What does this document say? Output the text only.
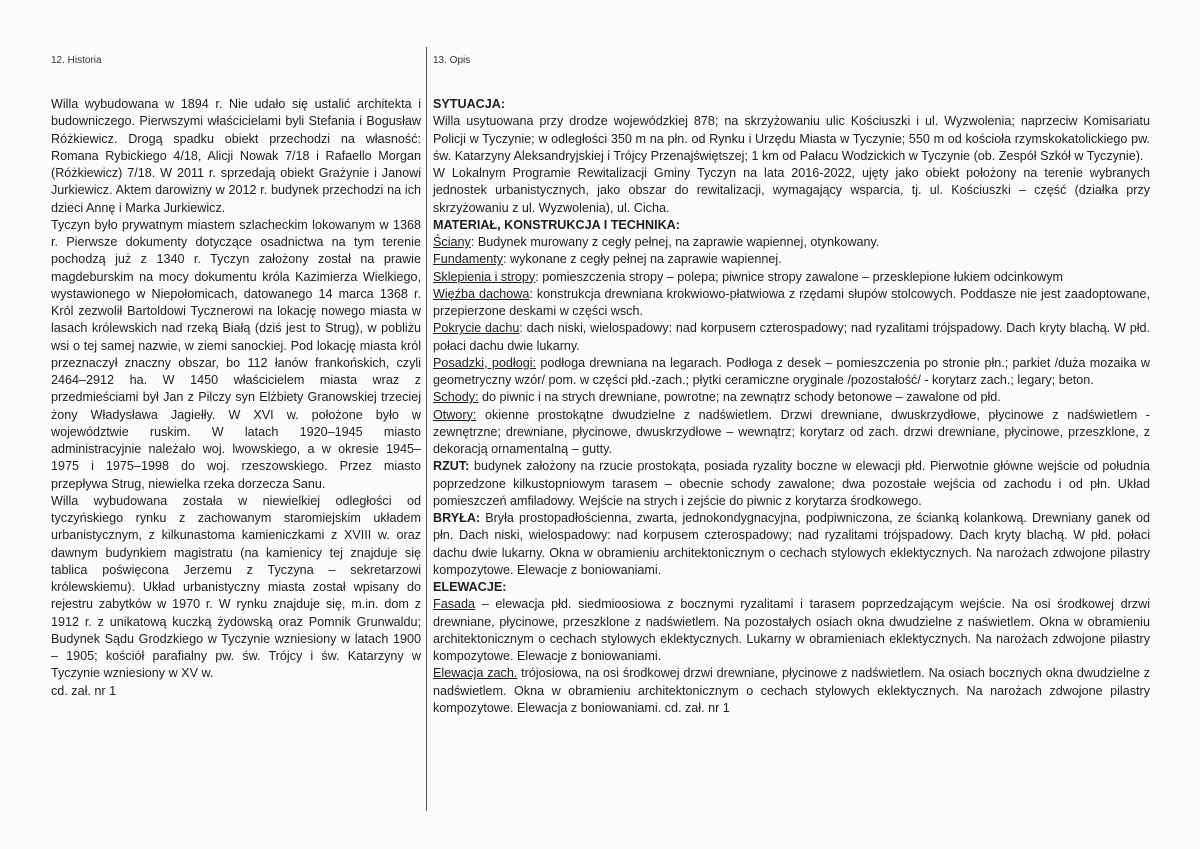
12. Historia	13. Opis

Willa wybudowana w 1894 r. Nie udało się ustalić architekta i budowniczego. Pierwszymi właścicielami byli Stefania i Bogusław Różkiewicz. Drogą spadku obiekt przechodzi na własność: Romana Rybickiego 4/18, Alicji Nowak 7/18 i Rafaello Morgan (Różkiewicz) 7/18. W 2011 r. sprzedają obiekt Grażynie i Janowi Jurkiewicz. Aktem darowizny w 2012 r. budynek przechodzi na ich dzieci Annę i Marka Jurkiewicz.

Tyczyn było prywatnym miastem szlacheckim lokowanym w 1368 r. Pierwsze dokumenty dotyczące osadnictwa na tym terenie pochodzą już z 1340 r. Tyczyn założony został na prawie magdeburskim na mocy dokumentu króla Kazimierza Wielkiego, wystawionego w Niepołomicach, datowanego 14 marca 1368 r. Król zezwolił Bartoldowi Tycznerowi na lokację nowego miasta w lasach królewskich nad rzeką Białą (dziś jest to Strug), w pobliżu wsi o tej samej nazwie, w ziemi sanockiej. Pod lokację miasta król przeznaczył znaczny obszar, bo 112 łanów frankońskich, czyli 2464–2912 ha. W 1450 właścicielem miasta wraz z przedmieściami był Jan z Pilczy syn Elżbiety Granowskiej trzeciej żony Władysława Jagiełły. W XVI w. położone było w województwie ruskim. W latach 1920–1945 miasto administracyjnie należało woj. lwowskiego, a w okresie 1945–1975 i 1975–1998 do woj. rzeszowskiego. Przez miasto przepływa Strug, niewielka rzeka dorzecza Sanu.

Willa wybudowana została w niewielkiej odległości od tyczyńskiego rynku z zachowanym staromiejskim układem urbanistycznym, z kilkunastoma kamieniczkami z XVIII w. oraz dawnym budynkiem magistratu (na kamienicy tej znajduje się tablica poświęcona Jerzemu z Tyczyna – sekretarzowi królewskiemu). Układ urbanistyczny miasta został wpisany do rejestru zabytków w 1970 r. W rynku znajduje się, m.in. dom z 1912 r. z unikatową kuczką żydowską oraz Pomnik Grunwaldu; Budynek Sądu Grodzkiego w Tyczynie wzniesiony w latach 1900 – 1905; kościół parafialny pw. św. Trójcy i św. Katarzyny w Tyczynie wzniesiony w XV w.

cd. zał. nr 1

SYTUACJA:

Willa usytuowana przy drodze wojewódzkiej 878; na skrzyżowaniu ulic Kościuszki i ul. Wyzwolenia; naprzeciw Komisariatu Policji w Tyczynie; w odległości 350 m na płn. od Rynku i Urzędu Miasta w Tyczynie; 550 m od kościoła rzymskokatolickiego pw. św. Katarzyny Aleksandryjskiej i Trójcy Przenajświętszej; 1 km od Pałacu Wodzickich w Tyczynie (ob. Zespół Szkół w Tyczynie).

W Lokalnym Programie Rewitalizacji Gminy Tyczyn na lata 2016-2022, ujęty jako obiekt położony na terenie wybranych jednostek urbanistycznych, jako obszar do rewitalizacji, wymagający wsparcia, tj. ul. Kościuszki – część (działka przy skrzyżowaniu z ul. Wyzwolenia), ul. Cicha.

MATERIAŁ, KONSTRUKCJA I TECHNIKA:

Ściany: Budynek murowany z cegły pełnej, na zaprawie wapiennej, otynkowany.

Fundamenty: wykonane z cegły pełnej na zaprawie wapiennej.

Sklepienia i stropy: pomieszczenia stropy – polepa; piwnice stropy zawalone – przesklepione łukiem odcinkowym

Więźba dachowa: konstrukcja drewniana krokwiowo-płatwiowa z rzędami słupów stolcowych. Poddasze nie jest zaadoptowane, przepierzone deskami w części wsch.

Pokrycie dachu: dach niski, wielospadowy: nad korpusem czterospadowy; nad ryzalitami trójspadowy. Dach kryty blachą. W płd. połaci dachu dwie lukarny.

Posadzki, podłogi: podłoga drewniana na legarach. Podłoga z desek – pomieszczenia po stronie płn.; parkiet /duża mozaika w geometryczny wzór/ pom. w części płd.-zach.; płytki ceramiczne oryginale /pozostałość/ - korytarz zach.; legary; beton.

Schody: do piwnic i na strych drewniane, powrotne; na zewnątrz schody betonowe – zawalone od płd.

Otwory: okienne prostokątne dwudzielne z nadświetlem. Drzwi drewniane, dwuskrzydłowe, płycinowe z nadświetlem - zewnętrzne; drewniane, płycinowe, dwuskrzydłowe – wewnątrz; korytarz od zach. drzwi drewniane, płycinowe, przeszklone, z dekoracją ornamentalną – gutty.

RZUT: budynek założony na rzucie prostokąta, posiada ryzality boczne w elewacji płd. Pierwotnie główne wejście od południa poprzedzone kilkustopniowym tarasem – obecnie schody zawalone; dwa pozostałe wejścia od zachodu i od płn. Układ pomieszczeń amfiladowy. Wejście na strych i zejście do piwnic z korytarza środkowego.

BRYŁA: Bryła prostopadłościenna, zwarta, jednokondygnacyjna, podpiwniczona, ze ścianką kolankową. Drewniany ganek od płn. Dach niski, wielospadowy: nad korpusem czterospadowy; nad ryzalitami trójspadowy. Dach kryty blachą. W płd. połaci dachu dwie lukarny. Okna w obramieniu architektonicznym o cechach stylowych eklektycznych. Na narożach zdwojone pilastry kompozytowe. Elewacje z boniowaniami.

ELEWACJE:

Fasada – elewacja płd. siedmioosiowa z bocznymi ryzalitami i tarasem poprzedzającym wejście. Na osi środkowej drzwi drewniane, płycinowe, przeszklone z nadświetlem. Na pozostałych osiach okna dwudzielne z naświetlem. Okna w obramieniu architektonicznym o cechach stylowych eklektycznych. Lukarny w obramieniach eklektycznych. Na narożach zdwojone pilastry kompozytowe. Elewacje z boniowaniami.

Elewacja zach. trójosiowa, na osi środkowej drzwi drewniane, płycinowe z nadświetlem. Na osiach bocznych okna dwudzielne z nadświetlem. Okna w obramieniu architektonicznym o cechach stylowych eklektycznych. Na narożach zdwojone pilastry kompozytowe. Elewacja z boniowaniami. cd. zał. nr 1
